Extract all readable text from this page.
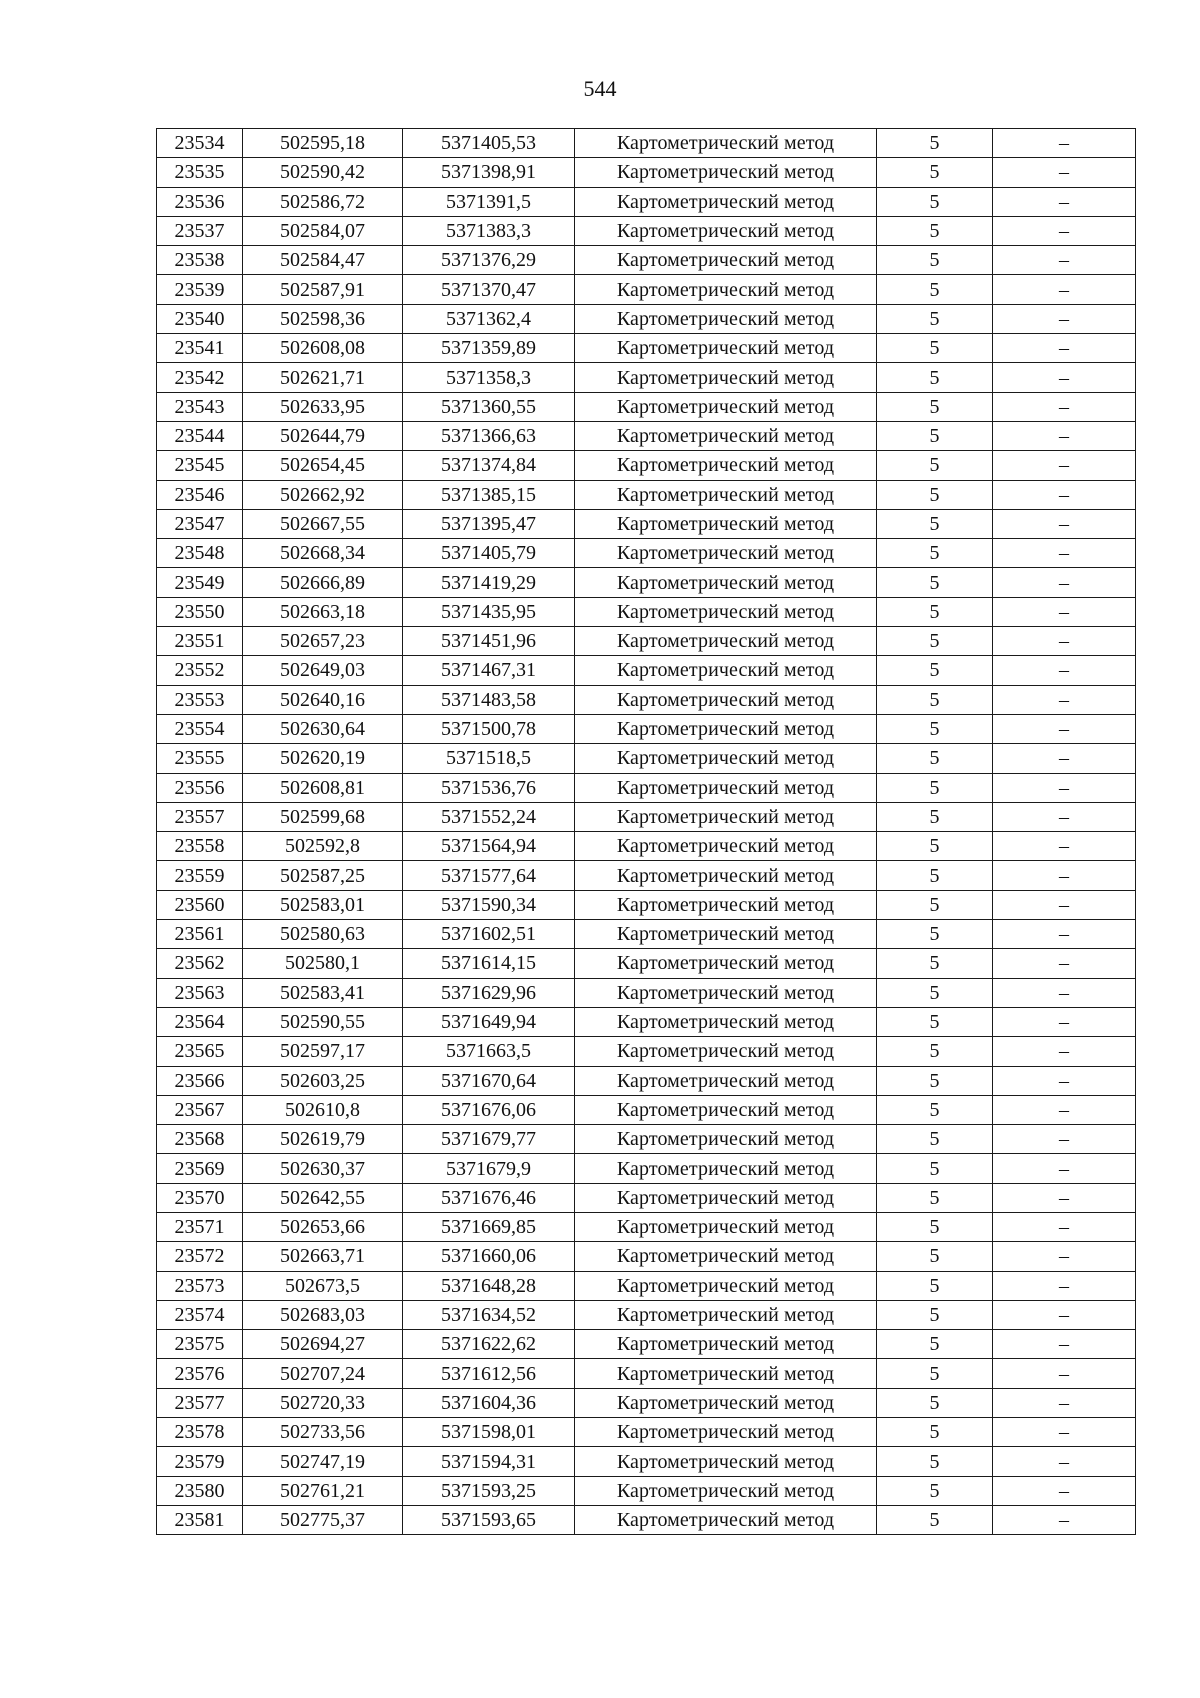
544
23534	502595,18	5371405,53	Картометрический метод	5	–
23535	502590,42	5371398,91	Картометрический метод	5	–
23536	502586,72	5371391,5	Картометрический метод	5	–
23537	502584,07	5371383,3	Картометрический метод	5	–
23538	502584,47	5371376,29	Картометрический метод	5	–
23539	502587,91	5371370,47	Картометрический метод	5	–
23540	502598,36	5371362,4	Картометрический метод	5	–
23541	502608,08	5371359,89	Картометрический метод	5	–
23542	502621,71	5371358,3	Картометрический метод	5	–
23543	502633,95	5371360,55	Картометрический метод	5	–
23544	502644,79	5371366,63	Картометрический метод	5	–
23545	502654,45	5371374,84	Картометрический метод	5	–
23546	502662,92	5371385,15	Картометрический метод	5	–
23547	502667,55	5371395,47	Картометрический метод	5	–
23548	502668,34	5371405,79	Картометрический метод	5	–
23549	502666,89	5371419,29	Картометрический метод	5	–
23550	502663,18	5371435,95	Картометрический метод	5	–
23551	502657,23	5371451,96	Картометрический метод	5	–
23552	502649,03	5371467,31	Картометрический метод	5	–
23553	502640,16	5371483,58	Картометрический метод	5	–
23554	502630,64	5371500,78	Картометрический метод	5	–
23555	502620,19	5371518,5	Картометрический метод	5	–
23556	502608,81	5371536,76	Картометрический метод	5	–
23557	502599,68	5371552,24	Картометрический метод	5	–
23558	502592,8	5371564,94	Картометрический метод	5	–
23559	502587,25	5371577,64	Картометрический метод	5	–
23560	502583,01	5371590,34	Картометрический метод	5	–
23561	502580,63	5371602,51	Картометрический метод	5	–
23562	502580,1	5371614,15	Картометрический метод	5	–
23563	502583,41	5371629,96	Картометрический метод	5	–
23564	502590,55	5371649,94	Картометрический метод	5	–
23565	502597,17	5371663,5	Картометрический метод	5	–
23566	502603,25	5371670,64	Картометрический метод	5	–
23567	502610,8	5371676,06	Картометрический метод	5	–
23568	502619,79	5371679,77	Картометрический метод	5	–
23569	502630,37	5371679,9	Картометрический метод	5	–
23570	502642,55	5371676,46	Картометрический метод	5	–
23571	502653,66	5371669,85	Картометрический метод	5	–
23572	502663,71	5371660,06	Картометрический метод	5	–
23573	502673,5	5371648,28	Картометрический метод	5	–
23574	502683,03	5371634,52	Картометрический метод	5	–
23575	502694,27	5371622,62	Картометрический метод	5	–
23576	502707,24	5371612,56	Картометрический метод	5	–
23577	502720,33	5371604,36	Картометрический метод	5	–
23578	502733,56	5371598,01	Картометрический метод	5	–
23579	502747,19	5371594,31	Картометрический метод	5	–
23580	502761,21	5371593,25	Картометрический метод	5	–
23581	502775,37	5371593,65	Картометрический метод	5	–
